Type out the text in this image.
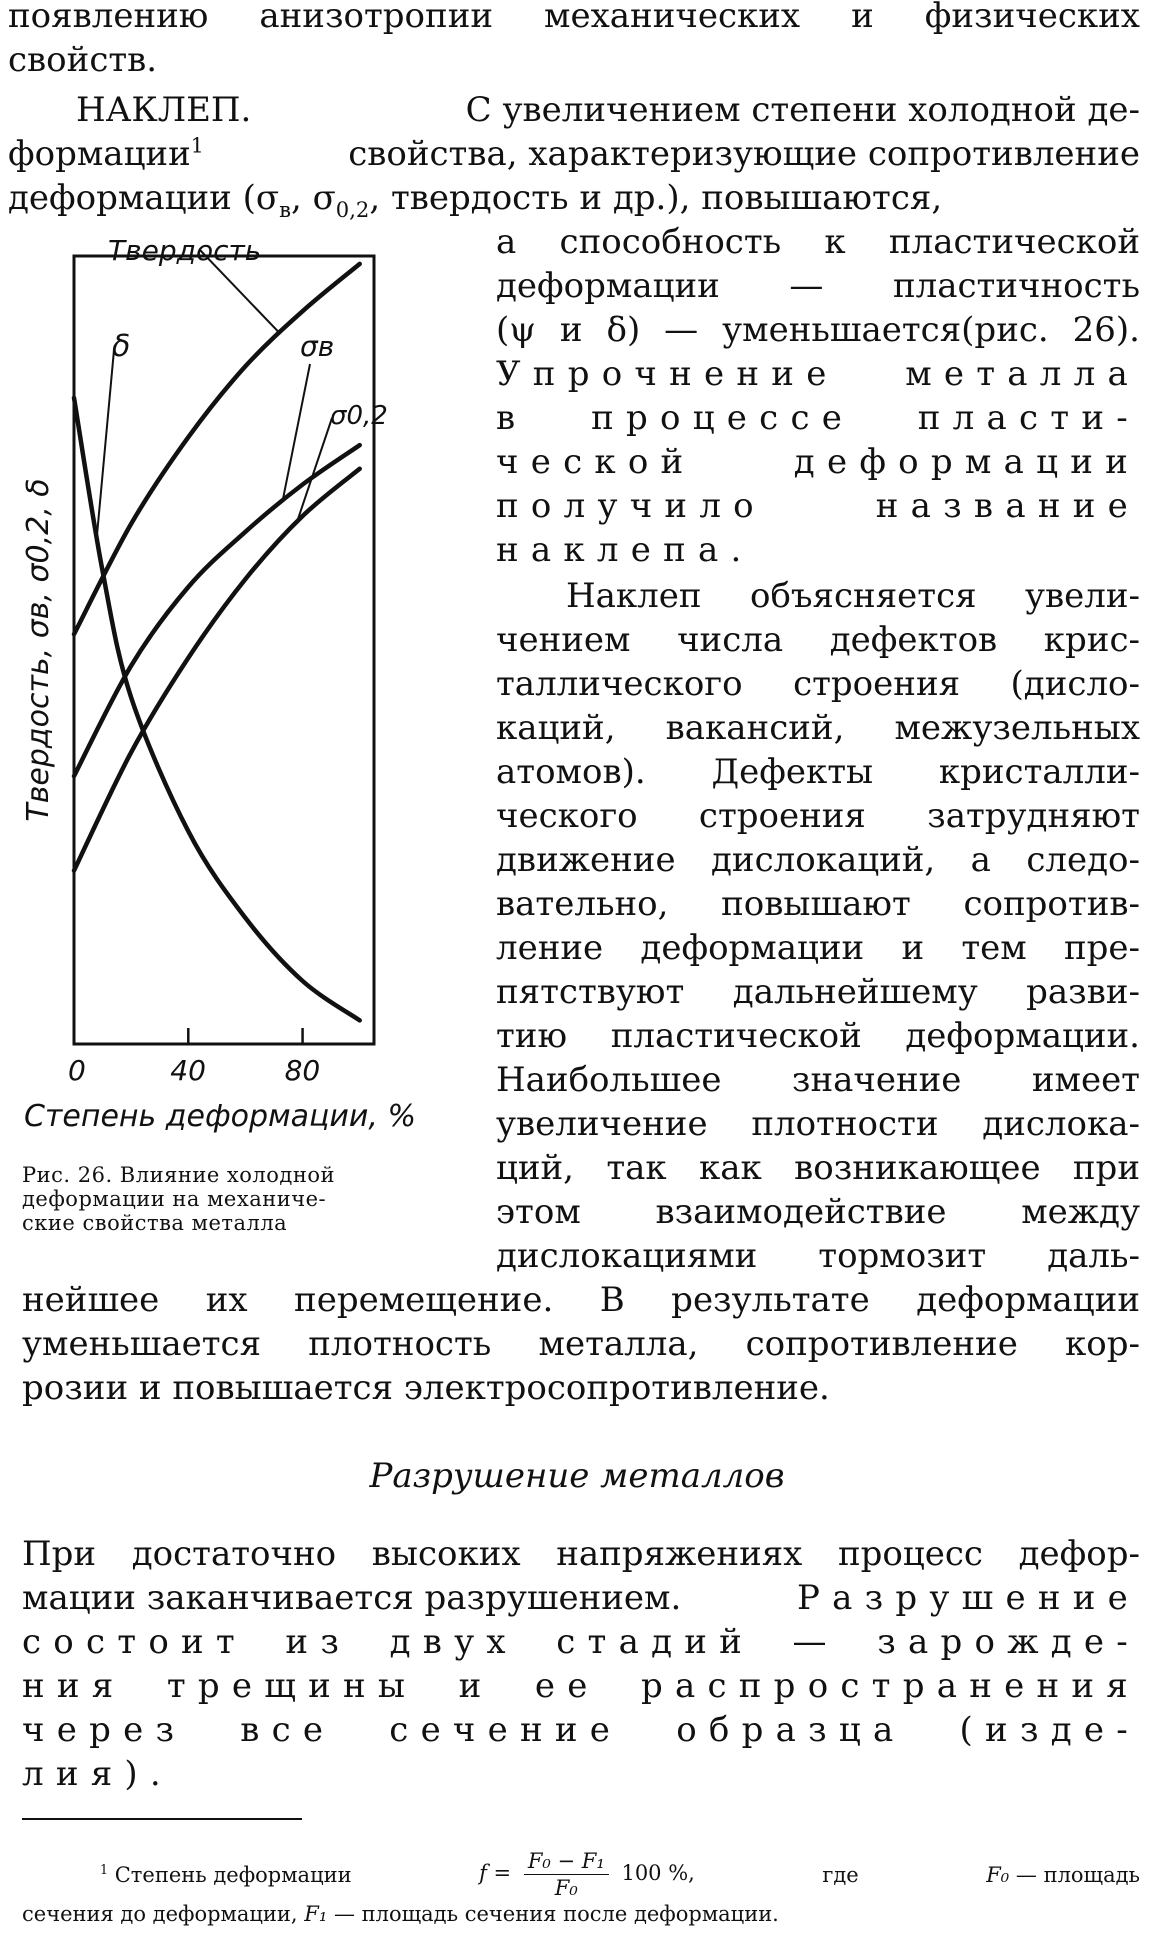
появлению анизотропии механических и физических

свойств.

НАКЛЕП.	С увеличением степени холодной де-

формации$^1$	свойства, характеризующие сопротивление

деформации ($\sigma_в$, $\sigma_{0,2}$, твердость и др.), повышаются,

а способность к пластической

деформации — пластичность

(ψ и δ) — уменьшается(рис. 26).

Упрочнение металла

в процессе пласти-

ческой деформации

получило название

наклепа.

Наклеп объясняется увели-

чением числа дефектов крис-

таллического строения (дисло-

каций, вакансий, межузельных

атомов). Дефекты кристалли-

ческого строения затрудняют

движение дислокаций, а следо-

вательно, повышают сопротив-

ление деформации и тем пре-

пятствуют дальнейшему разви-

тию пластической деформации.

Наибольшее значение имеет

увеличение плотности дислока-

ций, так как возникающее при

этом взаимодействие между

дислокациями тормозит даль-

нейшее их перемещение. В результате деформации

уменьшается плотность металла, сопротивление кор-

розии и повышается электросопротивление.

0	40	80
Твердость
σв
σ0,2
δ
Твердость, σв, σ0,2, δ
Степень деформации, %

Рис. 26. Влияние холодной

деформации на механиче-

ские свойства металла

Разрушение металлов

При достаточно высоких напряжениях процесс дефор-

мации заканчивается разрушением.	Разрушение

состоит из двух стадий — зарожде-

ния трещины и ее распространения

через все сечение образца (изде-

лия).

$^1$ Степень деформации	$f = \frac{\text{F₀ − F₁}}{\text{F₀}} 100$ %,	где	F₀ — площадь

сечения до деформации, F₁ — площадь сечения после деформации.
